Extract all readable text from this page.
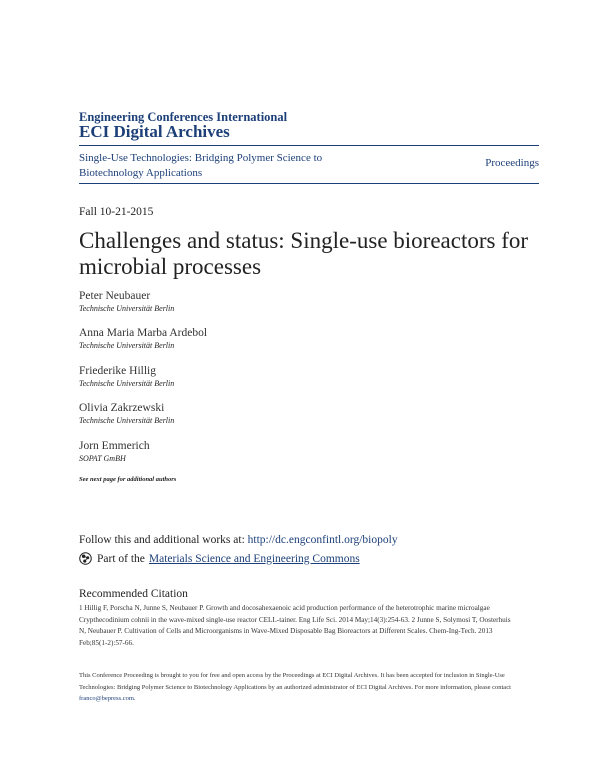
Engineering Conferences International
ECI Digital Archives
Single-Use Technologies: Bridging Polymer Science to Biotechnology Applications
Proceedings
Fall 10-21-2015
Challenges and status: Single-use bioreactors for microbial processes
Peter Neubauer
Technische Universität Berlin
Anna Maria Marba Ardebol
Technische Universität Berlin
Friederike Hillig
Technische Universität Berlin
Olivia Zakrzewski
Technische Universität Berlin
Jorn Emmerich
SOPAT GmBH
See next page for additional authors
Follow this and additional works at: http://dc.engconfintl.org/biopoly
Part of the Materials Science and Engineering Commons
Recommended Citation
1 Hillig F, Porscha N, Junne S, Neubauer P. Growth and docosahexaenoic acid production performance of the heterotrophic marine microalgae Crypthecodinium cohnii in the wave-mixed single-use reactor CELL-tainer. Eng Life Sci. 2014 May;14(3):254-63. 2 Junne S, Solymosi T, Oosterhuis N, Neubauer P. Cultivation of Cells and Microorganisms in Wave-Mixed Disposable Bag Bioreactors at Different Scales. Chem-Ing-Tech. 2013 Feb;85(1-2):57-66.
This Conference Proceeding is brought to you for free and open access by the Proceedings at ECI Digital Archives. It has been accepted for inclusion in Single-Use Technologies: Bridging Polymer Science to Biotechnology Applications by an authorized administrator of ECI Digital Archives. For more information, please contact franco@bepress.com.
